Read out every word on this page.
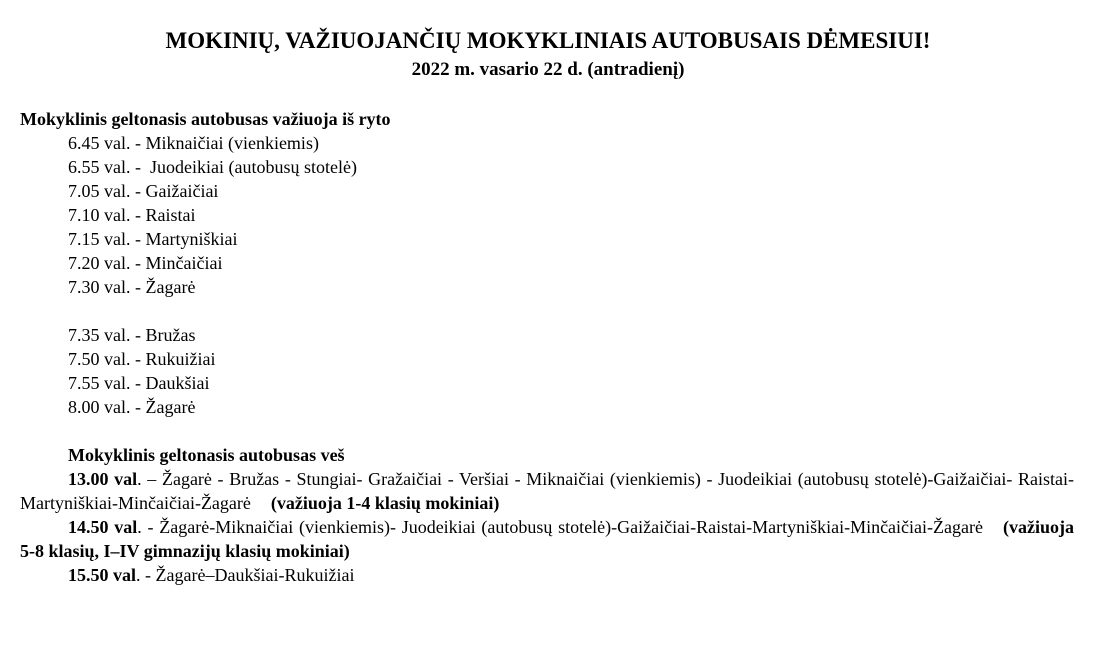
MOKINIŲ, VAŽIUOJANČIŲ MOKYKLINIAIS AUTOBUSAIS DĖMESIUI!
2022 m. vasario 22 d. (antradienį)
Mokyklinis geltonasis autobusas važiuoja iš ryto
6.45 val. - Miknaičiai (vienkiemis)
6.55 val. -  Juodeikiai (autobusų stotelė)
7.05 val. - Gaižaičiai
7.10 val. - Raistai
7.15 val. - Martyniškiai
7.20 val. - Minčaičiai
7.30 val. - Žagarė
7.35 val. - Bružas
7.50 val. - Rukuižiai
7.55 val. - Daukšiai
8.00 val. - Žagarė
Mokyklinis geltonasis autobusas veš
13.00 val. – Žagarė - Bružas - Stungiai- Gražaičiai - Veršiai - Miknaičiai (vienkiemis) - Juodeikiai (autobusų stotelė)-Gaižaičiai- Raistai-Martyniškiai-Minčaičiai-Žagarė (važiuoja 1-4 klasių mokiniai)
14.50 val. - Žagarė-Miknaičiai (vienkiemis)- Juodeikiai (autobusų stotelė)-Gaižaičiai-Raistai-Martyniškiai-Minčaičiai-Žagarė (važiuoja 5-8 klasių, I–IV gimnazijų klasių mokiniai)
15.50 val. - Žagarė–Daukšiai-Rukuižiai
